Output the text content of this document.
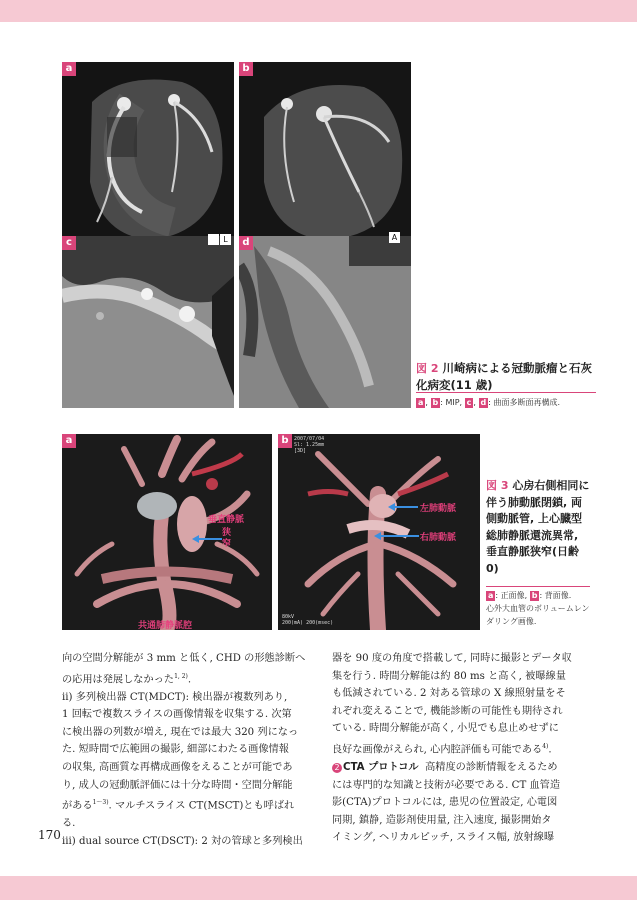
a
L
b
A
c	d
図 2 川崎病による冠動脈瘤と石灰化病変(11 歳)
a , b : MIP, c , d : 曲面多断面再構成.
a
垂直静脈
狭窄
共通肺静脈腔
b	2007/07/04
Sl: 1.25mm
[3D]
80kV
200(mA) 200(msec)
左肺動脈
右肺動脈
図 3 心房右側相同に伴う肺動脈閉鎖, 両側動脈管, 上心臓型総肺静脈還流異常, 垂直静脈狭窄(日齢0)
a : 正面像, b : 背面像.
心外大血管のボリュームレンダリング画像.

向の空間分解能が 3 mm と低く, CHD の形態診断へ

の応用は発展しなかった$^{1, 2)}$.

ⅱ) 多列検出器 CT(MDCT): 検出器が複数列あり,

1 回転で複数スライスの画像情報を収集する. 次第

に検出器の列数が増え, 現在では最大 320 列になっ

た. 短時間で広範囲の撮影, 細部にわたる画像情報

の収集, 高画質な再構成画像をえることが可能であ

り, 成人の冠動脈評価には十分な時間・空間分解能

がある$^{1〜3)}$. マルチスライス CT(MSCT)とも呼ばれ

る.

ⅲ) dual source CT(DSCT): 2 対の管球と多列検出

器を 90 度の角度で搭載して, 同時に撮影とデータ収

集を行う. 時間分解能は約 80 ms と高く, 被曝線量

も低減されている. 2 対ある管球の X 線照射量をそ

れぞれ変えることで, 機能診断の可能性も期待され

ている. 時間分解能が高く, 小児でも息止めせずに

良好な画像がえられ, 心内腔評価も可能である$^{4)}$.

2 CTA プロトコル 高精度の診断情報をえるため

には専門的な知識と技術が必要である. CT 血管造

影(CTA)プロトコルには, 患児の位置設定, 心電図

同期, 鎮静, 造影剤使用量, 注入速度, 撮影開始タ

イミング, ヘリカルピッチ, スライス幅, 放射線曝

170
